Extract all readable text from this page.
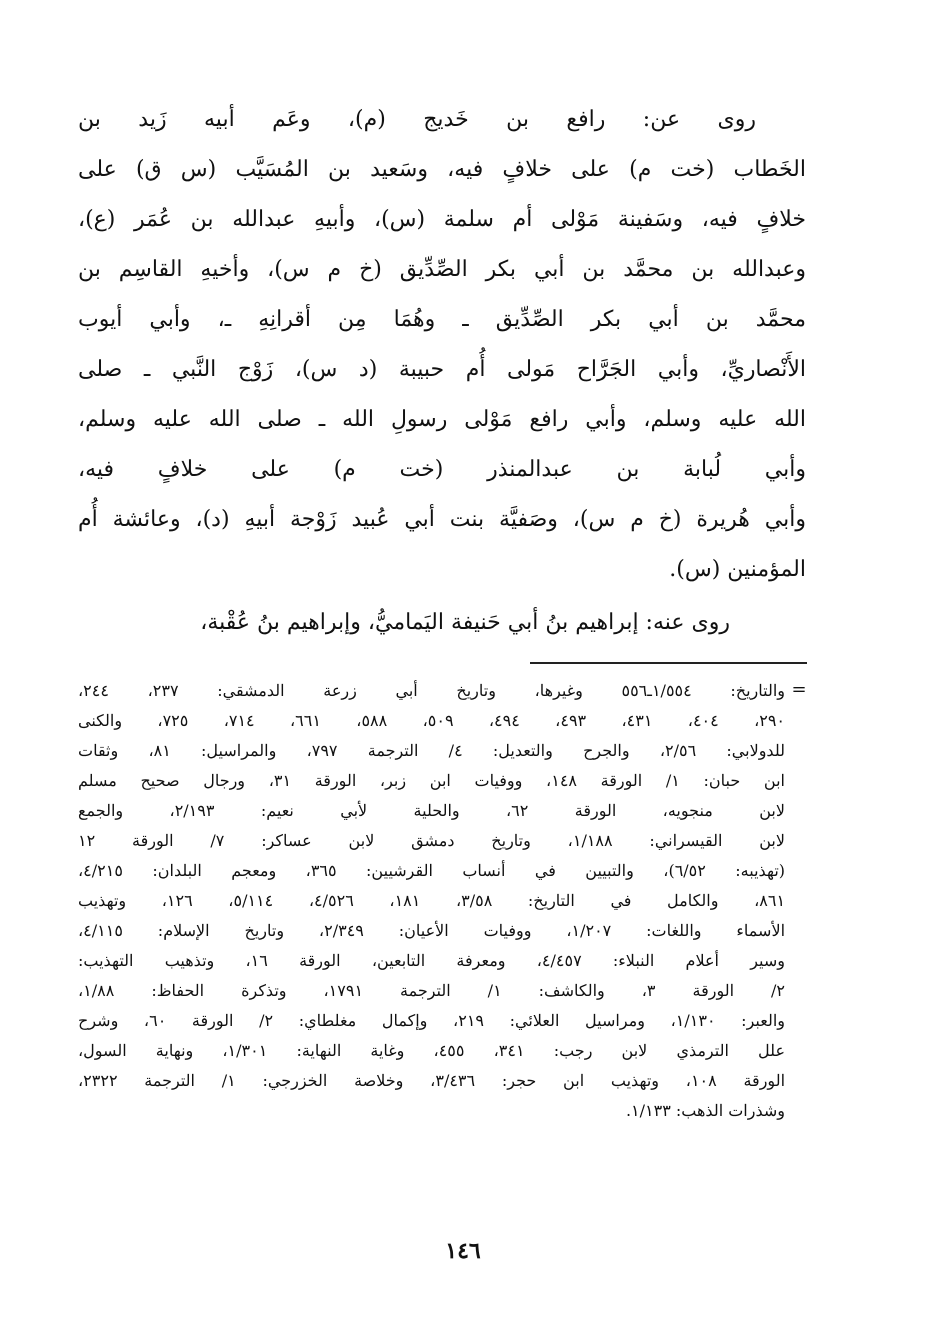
روى عن: رافع بن خَديج (م)، وعَم أبيه زَيد بن
الخَطاب (خت م) على خلافٍ فيه، وسَعيد بن المُسَيَّب (س ق) على
خلافٍ فيه، وسَفينة مَوْلى أم سلمة (س)، وأبيهِ عبدالله بن عُمَر (ع)،
وعبدالله بن محمَّد بن أبي بكر الصِّدِّيق (خ م س)، وأخيهِ القاسِم بن
محمَّد بن أبي بكر الصِّدِّيق ـ وهُمَا مِن أقرانِهِ ـ، وأبي أيوب
الأَنْصاريِّ، وأبي الجَرَّاح مَولى أُم حبيبة (د س)، زَوْج النَّبي ـ صلى
الله عليه وسلم، وأبي رافع مَوْلى رسولِ الله ـ صلى الله عليه وسلم،
وأبي لُبابة بن عبدالمنذر (خت م) على خلافٍ فيه،
وأبي هُريرة (خ م س)، وصَفيَّة بنت أبي عُبيد زَوْجة أبيهِ (د)، وعائشة أُم
المؤمنين (س).
روى عنه: إبراهيم بنُ أبي حَنيفة اليَماميُّ، وإبراهيم بنُ عُقْبة،
=
والتاريخ: ١/٥٥٤ـ٥٥٦ وغيرها، وتاريخ أبي زرعة الدمشقي: ٢٣٧، ٢٤٤،
٢٩٠، ٤٠٤، ٤٣١، ٤٩٣، ٤٩٤، ٥٠٩، ٥٨٨، ٦٦١، ٧١٤، ٧٢٥، والكنى
للدولابي: ٢/٥٦، والجرح والتعديل: ٤/ الترجمة ٧٩٧، والمراسيل: ٨١، وثقات
ابن حبان: ١/ الورقة ١٤٨، ووفيات ابن زبر، الورقة ٣١، ورجال صحيح مسلم
لابن منجويه، الورقة ٦٢، والحلية لأبي نعيم: ٢/١٩٣، والجمع
لابن القيسراني: ١/١٨٨، وتاريخ دمشق لابن عساكر: ٧/ الورقة ١٢
(تهذيبه: ٦/٥٢)، والتبيين في أنساب القرشيين: ٣٦٥، ومعجم البلدان: ٤/٢١٥،
٨٦١، والكامل في التاريخ: ٣/٥٨، ١٨١، ٤/٥٢٦، ٥/١١٤، ١٢٦، وتهذيب
الأسماء واللغات: ١/٢٠٧، ووفيات الأعيان: ٢/٣٤٩، وتاريخ الإسلام: ٤/١١٥،
وسير أعلام النبلاء: ٤/٤٥٧، ومعرفة التابعين، الورقة ١٦، وتذهيب التهذيب:
٢/ الورقة ٣، والكاشف: ١/ الترجمة ١٧٩١، وتذكرة الحفاظ: ١/٨٨،
والعبر: ١/١٣٠، ومراسيل العلائي: ٢١٩، وإكمال مغلطاي: ٢/ الورقة ٦٠، وشرح
علل الترمذي لابن رجب: ٣٤١، ٤٥٥، وغاية النهاية: ١/٣٠١، ونهاية السول،
الورقة ١٠٨، وتهذيب ابن حجر: ٣/٤٣٦، وخلاصة الخزرجي: ١/ الترجمة ٢٣٢٢،
وشذرات الذهب: ١/١٣٣.
١٤٦
